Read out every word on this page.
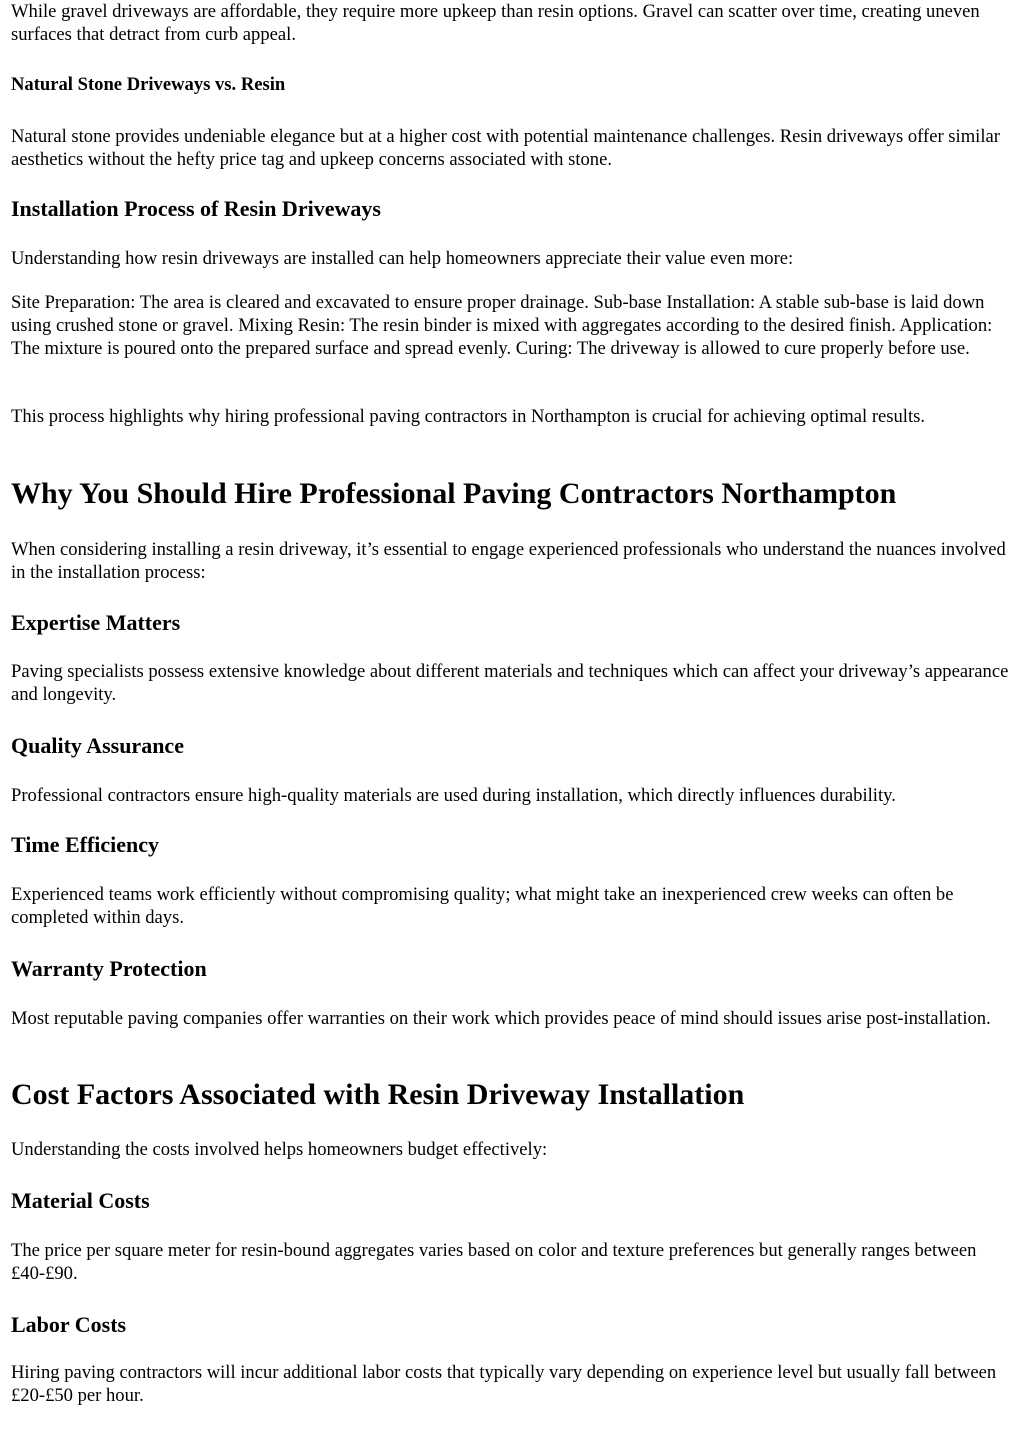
While gravel driveways are affordable, they require more upkeep than resin options. Gravel can scatter over time, creating uneven surfaces that detract from curb appeal.

Natural Stone Driveways vs. Resin

Natural stone provides undeniable elegance but at a higher cost with potential maintenance challenges. Resin driveways offer similar aesthetics without the hefty price tag and upkeep concerns associated with stone.

Installation Process of Resin Driveways

Understanding how resin driveways are installed can help homeowners appreciate their value even more:

Site Preparation: The area is cleared and excavated to ensure proper drainage. Sub-base Installation: A stable sub-base is laid down using crushed stone or gravel. Mixing Resin: The resin binder is mixed with aggregates according to the desired finish. Application: The mixture is poured onto the prepared surface and spread evenly. Curing: The driveway is allowed to cure properly before use.

This process highlights why hiring professional paving contractors in Northampton is crucial for achieving optimal results.

Why You Should Hire Professional Paving Contractors Northampton

When considering installing a resin driveway, it’s essential to engage experienced professionals who understand the nuances involved in the installation process:

Expertise Matters

Paving specialists possess extensive knowledge about different materials and techniques which can affect your driveway’s appearance and longevity.

Quality Assurance

Professional contractors ensure high-quality materials are used during installation, which directly influences durability.

Time Efficiency

Experienced teams work efficiently without compromising quality; what might take an inexperienced crew weeks can often be completed within days.

Warranty Protection

Most reputable paving companies offer warranties on their work which provides peace of mind should issues arise post-installation.

Cost Factors Associated with Resin Driveway Installation

Understanding the costs involved helps homeowners budget effectively:

Material Costs

The price per square meter for resin-bound aggregates varies based on color and texture preferences but generally ranges between £40-£90.

Labor Costs

Hiring paving contractors will incur additional labor costs that typically vary depending on experience level but usually fall between £20-£50 per hour.
